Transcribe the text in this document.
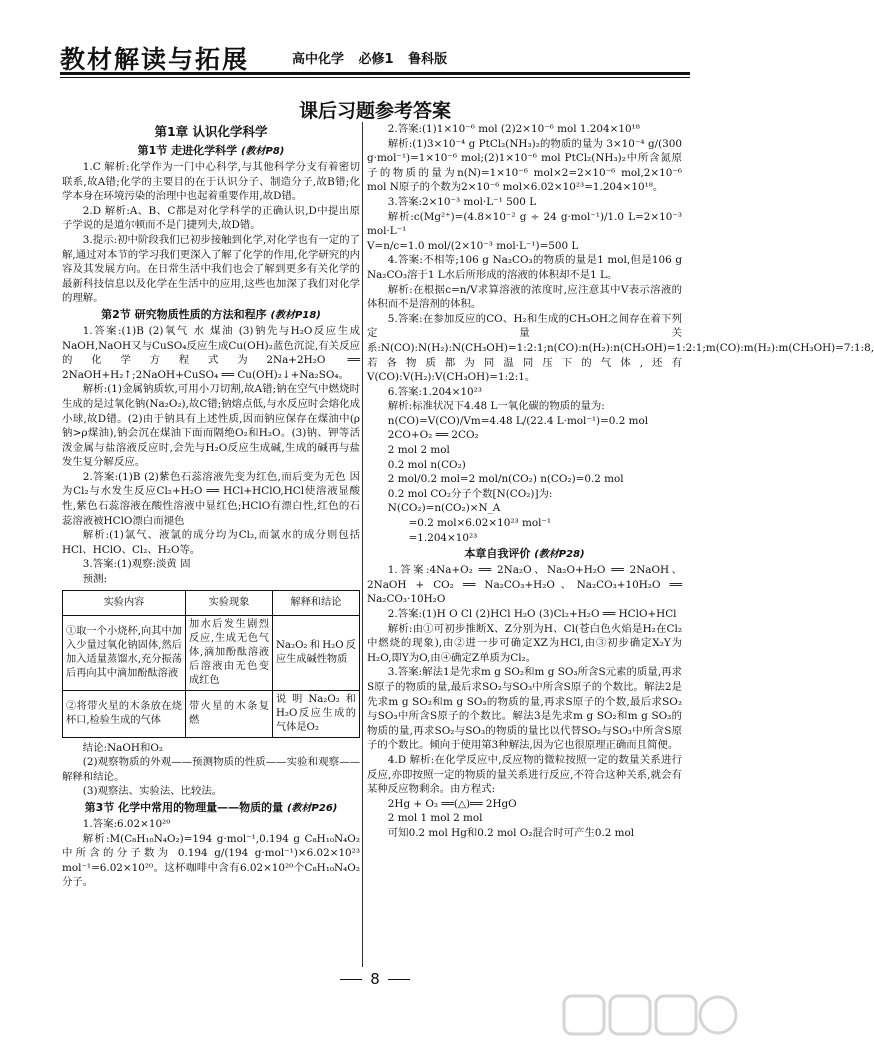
教材解读与拓展	高中化学 必修1 鲁科版
课后习题参考答案
第1章 认识化学科学
第1节 走进化学科学 (教材P8)

1.C 解析:化学作为一门中心科学,与其他科学分支有着密切联系,故A错;化学的主要目的在于认识分子、制造分子,故B错;化学本身在环境污染的治理中也起着重要作用,故D错。

2.D 解析:A、B、C都是对化学科学的正确认识,D中提出原子学说的是道尔顿而不是门捷列夫,故D错。

3.提示:初中阶段我们已初步接触到化学,对化学也有一定的了解,通过对本节的学习我们更深入了解了化学的作用,化学研究的内容及其发展方向。在日常生活中我们也会了解到更多有关化学的最新科技信息以及化学在生活中的应用,这些也加深了我们对化学的理解。

第2节 研究物质性质的方法和程序 (教材P18)

1.答案:(1)B (2)氧气 水 煤油 (3)钠先与H₂O反应生成NaOH,NaOH又与CuSO₄反应生成Cu(OH)₂蓝色沉淀,有关反应的化学方程式为2Na+2H₂O ══ 2NaOH+H₂↑;2NaOH+CuSO₄ ══ Cu(OH)₂↓+Na₂SO₄。

解析:(1)金属钠质软,可用小刀切割,故A错;钠在空气中燃烧时生成的是过氧化钠(Na₂O₂),故C错;钠熔点低,与水反应时会熔化成小球,故D错。(2)由于钠具有上述性质,因而钠应保存在煤油中(ρ钠>ρ煤油),钠会沉在煤油下面而隔绝O₂和H₂O。(3)钠、钾等活泼金属与盐溶液反应时,会先与H₂O反应生成碱,生成的碱再与盐发生复分解反应。

2.答案:(1)B (2)紫色石蕊溶液先变为红色,而后变为无色 因为Cl₂与水发生反应Cl₂+H₂O ══ HCl+HClO,HCl使溶液显酸性,紫色石蕊溶液在酸性溶液中显红色;HClO有漂白性,红色的石蕊溶液被HClO漂白而褪色

解析:(1)氯气、液氯的成分均为Cl₂,而氯水的成分则包括HCl、HClO、Cl₂、H₂O等。

3.答案:(1)观察:淡黄 固

预测:

实验内容	实验现象	解释和结论
①取一个小烧杯,向其中加入少量过氧化钠固体,然后加入适量蒸馏水,充分振荡后再向其中滴加酚酞溶液	加水后发生剧烈反应,生成无色气体,滴加酚酞溶液后溶液由无色变成红色	Na₂O₂和H₂O反应生成碱性物质
②将带火星的木条放在烧杯口,检验生成的气体	带火星的木条复燃	说明Na₂O₂和H₂O反应生成的气体是O₂

结论:NaOH和O₂

(2)观察物质的外观——预测物质的性质——实验和观察——解释和结论。

(3)观察法、实验法、比较法。

第3节 化学中常用的物理量——物质的量 (教材P26)

1.答案:6.02×10²⁰

解析:M(C₈H₁₀N₄O₂)=194 g·mol⁻¹,0.194 g C₈H₁₀N₄O₂中所含的分子数为 0.194 g/(194 g·mol⁻¹)×6.02×10²³ mol⁻¹=6.02×10²⁰。这杯咖啡中含有6.02×10²⁰个C₈H₁₀N₄O₂分子。

2.答案:(1)1×10⁻⁶ mol (2)2×10⁻⁶ mol 1.204×10¹⁸

解析:(1)3×10⁻⁴ g PtCl₂(NH₃)₂的物质的量为 3×10⁻⁴ g/(300 g·mol⁻¹)=1×10⁻⁶ mol;(2)1×10⁻⁶ mol PtCl₂(NH₃)₂中所含氮原子的物质的量为n(N)=1×10⁻⁶ mol×2=2×10⁻⁶ mol,2×10⁻⁶ mol N原子的个数为2×10⁻⁶ mol×6.02×10²³=1.204×10¹⁸。

3.答案:2×10⁻³ mol·L⁻¹ 500 L

解析:c(Mg²⁺)=(4.8×10⁻² g ÷ 24 g·mol⁻¹)/1.0 L=2×10⁻³ mol·L⁻¹

V=n/c=1.0 mol/(2×10⁻³ mol·L⁻¹)=500 L

4.答案:不相等;106 g Na₂CO₃的物质的量是1 mol,但是106 g Na₂CO₃溶于1 L水后所形成的溶液的体积却不是1 L。

解析:在根据c=n/V求算溶液的浓度时,应注意其中V表示溶液的体积而不是溶剂的体积。

5.答案:在参加反应的CO、H₂和生成的CH₃OH之间存在着下列定量关系:N(CO):N(H₂):N(CH₃OH)=1:2:1;n(CO):n(H₂):n(CH₃OH)=1:2:1;m(CO):m(H₂):m(CH₃OH)=7:1:8,若各物质都为同温同压下的气体,还有V(CO):V(H₂):V(CH₃OH)=1:2:1。

6.答案:1.204×10²³

解析:标准状况下4.48 L一氧化碳的物质的量为:

n(CO)=V(CO)/Vm=4.48 L/(22.4 L·mol⁻¹)=0.2 mol

2CO+O₂ ══ 2CO₂

2 mol 2 mol

0.2 mol n(CO₂)

2 mol/0.2 mol=2 mol/n(CO₂) n(CO₂)=0.2 mol

0.2 mol CO₂分子个数[N(CO₂)]为:

N(CO₂)=n(CO₂)×N_A

=0.2 mol×6.02×10²³ mol⁻¹

=1.204×10²³

本章自我评价 (教材P28)

1.答案:4Na+O₂ ══ 2Na₂O、Na₂O+H₂O ══ 2NaOH、2NaOH + CO₂ ══ Na₂CO₃+H₂O、Na₂CO₃+10H₂O ══ Na₂CO₃·10H₂O

2.答案:(1)H O Cl (2)HCl H₂O (3)Cl₂+H₂O ══ HClO+HCl

解析:由①可初步推断X、Z分别为H、Cl(苍白色火焰是H₂在Cl₂中燃烧的现象),由②进一步可确定XZ为HCl,由③初步确定X₂Y为H₂O,即Y为O,由④确定Z单质为Cl₂。

3.答案:解法1是先求m g SO₂和m g SO₃所含S元素的质量,再求S原子的物质的量,最后求SO₂与SO₃中所含S原子的个数比。解法2是先求m g SO₂和m g SO₃的物质的量,再求S原子的个数,最后求SO₂与SO₃中所含S原子的个数比。解法3是先求m g SO₂和m g SO₃的物质的量,再求SO₂与SO₃的物质的量比以代替SO₂与SO₃中所含S原子的个数比。倾向于使用第3种解法,因为它也很原理正确而且简便。

4.D 解析:在化学反应中,反应物的微粒按照一定的数量关系进行反应,亦即按照一定的物质的量关系进行反应,不符合这种关系,就会有某种反应物剩余。由方程式:

2Hg + O₂ ══(△)══ 2HgO

2 mol 1 mol 2 mol

可知0.2 mol Hg和0.2 mol O₂混合时可产生0.2 mol

8
